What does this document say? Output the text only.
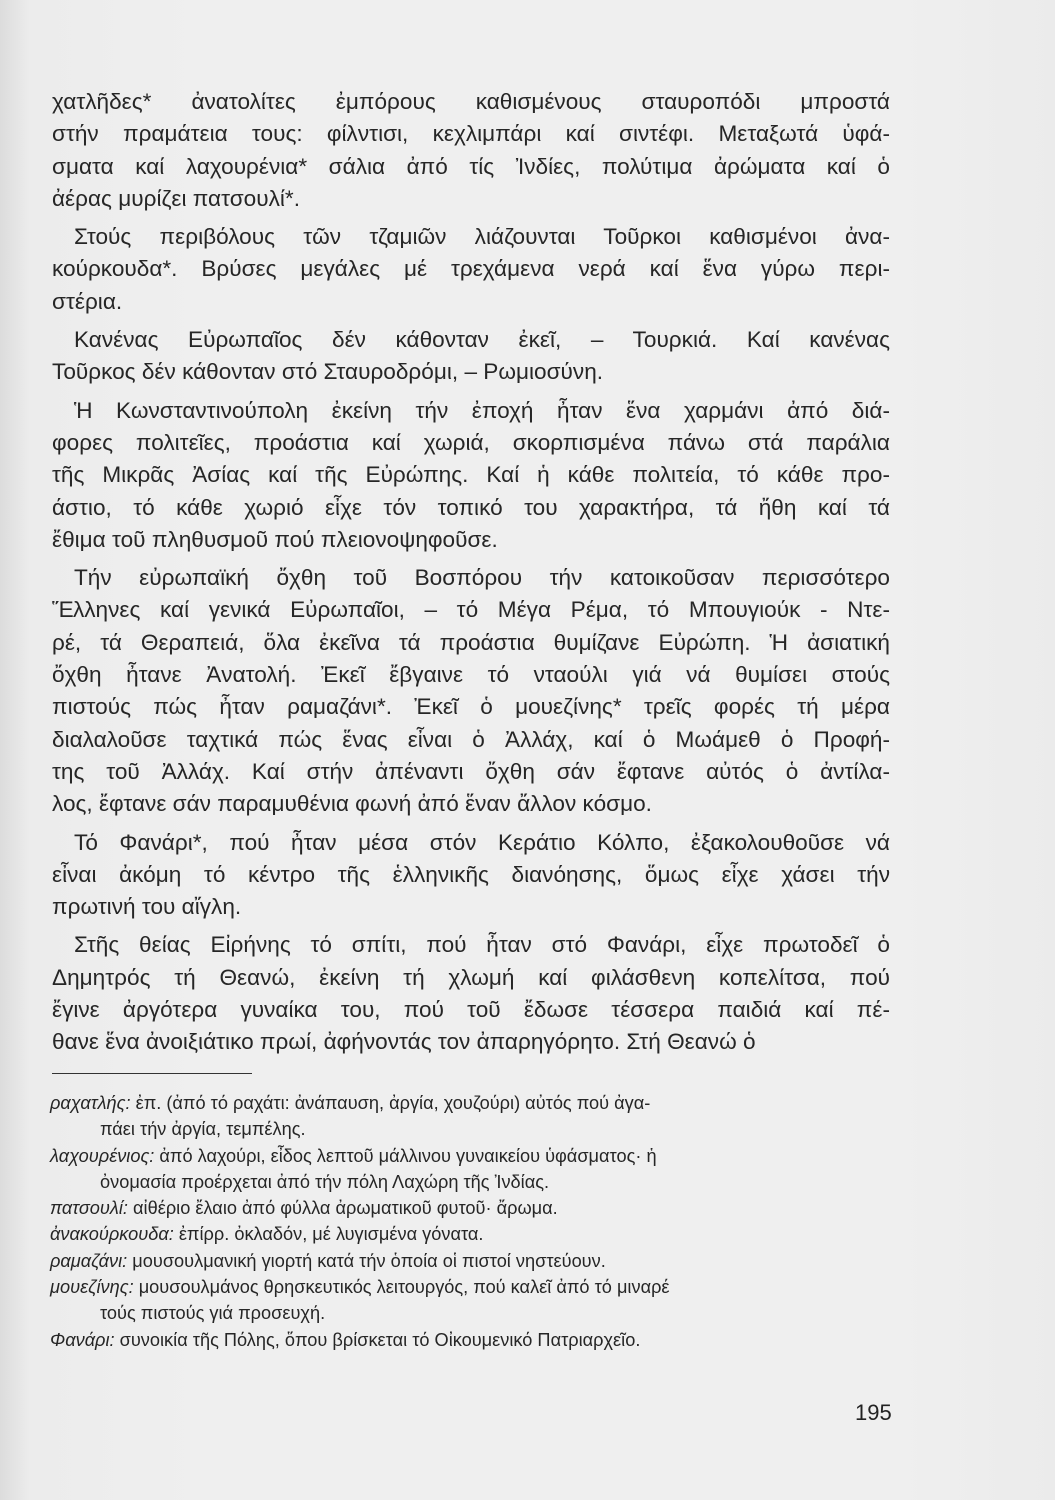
χατλῆδες* ἀνατολίτες ἐμπόρους καθισμένους σταυροπόδι μπροστά
στήν πραμάτεια τους: φίλντισι, κεχλιμπάρι καί σιντέφι. Μεταξωτά ὑφά-
σματα καί λαχουρένια* σάλια ἀπό τίς Ἰνδίες, πολύτιμα ἀρώματα καί ὁ
ἀέρας μυρίζει πατσουλί*.

Στούς περιβόλους τῶν τζαμιῶν λιάζουνται Τοῦρκοι καθισμένοι ἀνα-
κούρκουδα*. Βρύσες μεγάλες μέ τρεχάμενα νερά καί ἕνα γύρω περι-
στέρια.

Κανένας Εὐρωπαῖος δέν κάθονταν ἐκεῖ, – Τουρκιά. Καί κανένας
Τοῦρκος δέν κάθονταν στό Σταυροδρόμι, – Ρωμιοσύνη.

Ἡ Κωνσταντινούπολη ἐκείνη τήν ἐποχή ἦταν ἕνα χαρμάνι ἀπό διά-
φορες πολιτεῖες, προάστια καί χωριά, σκορπισμένα πάνω στά παράλια
τῆς Μικρᾶς Ἀσίας καί τῆς Εὐρώπης. Καί ἡ κάθε πολιτεία, τό κάθε προ-
άστιο, τό κάθε χωριό εἶχε τόν τοπικό του χαρακτήρα, τά ἤθη καί τά
ἔθιμα τοῦ πληθυσμοῦ πού πλειονοψηφοῦσε.

Τήν εὐρωπαϊκή ὄχθη τοῦ Βοσπόρου τήν κατοικοῦσαν περισσότερο
Ἕλληνες καί γενικά Εὐρωπαῖοι, – τό Μέγα Ρέμα, τό Μπουγιούκ - Ντε-
ρέ, τά Θεραπειά, ὅλα ἐκεῖνα τά προάστια θυμίζανε Εὐρώπη. Ἡ ἀσιατική
ὄχθη ἦτανε Ἀνατολή. Ἐκεῖ ἔβγαινε τό νταούλι γιά νά θυμίσει στούς
πιστούς πώς ἦταν ραμαζάνι*. Ἐκεῖ ὁ μουεζίνης* τρεῖς φορές τή μέρα
διαλαλοῦσε ταχτικά πώς ἕνας εἶναι ὁ Ἀλλάχ, καί ὁ Μωάμεθ ὁ Προφή-
της τοῦ Ἀλλάχ. Καί στήν ἀπέναντι ὄχθη σάν ἔφτανε αὐτός ὁ ἀντίλα-
λος, ἔφτανε σάν παραμυθένια φωνή ἀπό ἕναν ἄλλον κόσμο.

Τό Φανάρι*, πού ἦταν μέσα στόν Κεράτιο Κόλπο, ἐξακολουθοῦσε νά
εἶναι ἀκόμη τό κέντρο τῆς ἑλληνικῆς διανόησης, ὅμως εἶχε χάσει τήν
πρωτινή του αἴγλη.

Στῆς θείας Εἰρήνης τό σπίτι, πού ἦταν στό Φανάρι, εἶχε πρωτοδεῖ ὁ
Δημητρός τή Θεανώ, ἐκείνη τή χλωμή καί φιλάσθενη κοπελίτσα, πού
ἔγινε ἀργότερα γυναίκα του, πού τοῦ ἔδωσε τέσσερα παιδιά καί πέ-
θανε ἕνα ἀνοιξιάτικο πρωί, ἀφήνοντάς τον ἀπαρηγόρητο. Στή Θεανώ ὁ

ραχατλής: ἐπ. (ἀπό τό ραχάτι: ἀνάπαυση, ἀργία, χουζούρι) αὐτός πού ἀγα-
πάει τήν ἀργία, τεμπέλης.
λαχουρένιος: ἀπό λαχούρι, εἶδος λεπτοῦ μάλλινου γυναικείου ὑφάσματος· ἡ
ὀνομασία προέρχεται ἀπό τήν πόλη Λαχώρη τῆς Ἰνδίας.
πατσουλί: αἰθέριο ἔλαιο ἀπό φύλλα ἀρωματικοῦ φυτοῦ· ἄρωμα.
ἀνακούρκουδα: ἐπίρρ. ὀκλαδόν, μέ λυγισμένα γόνατα.
ραμαζάνι: μουσουλμανική γιορτή κατά τήν ὁποία οἱ πιστοί νηστεύουν.
μουεζίνης: μουσουλμάνος θρησκευτικός λειτουργός, πού καλεῖ ἀπό τό μιναρέ
τούς πιστούς γιά προσευχή.
Φανάρι: συνοικία τῆς Πόλης, ὅπου βρίσκεται τό Οἰκουμενικό Πατριαρχεῖο.
195
